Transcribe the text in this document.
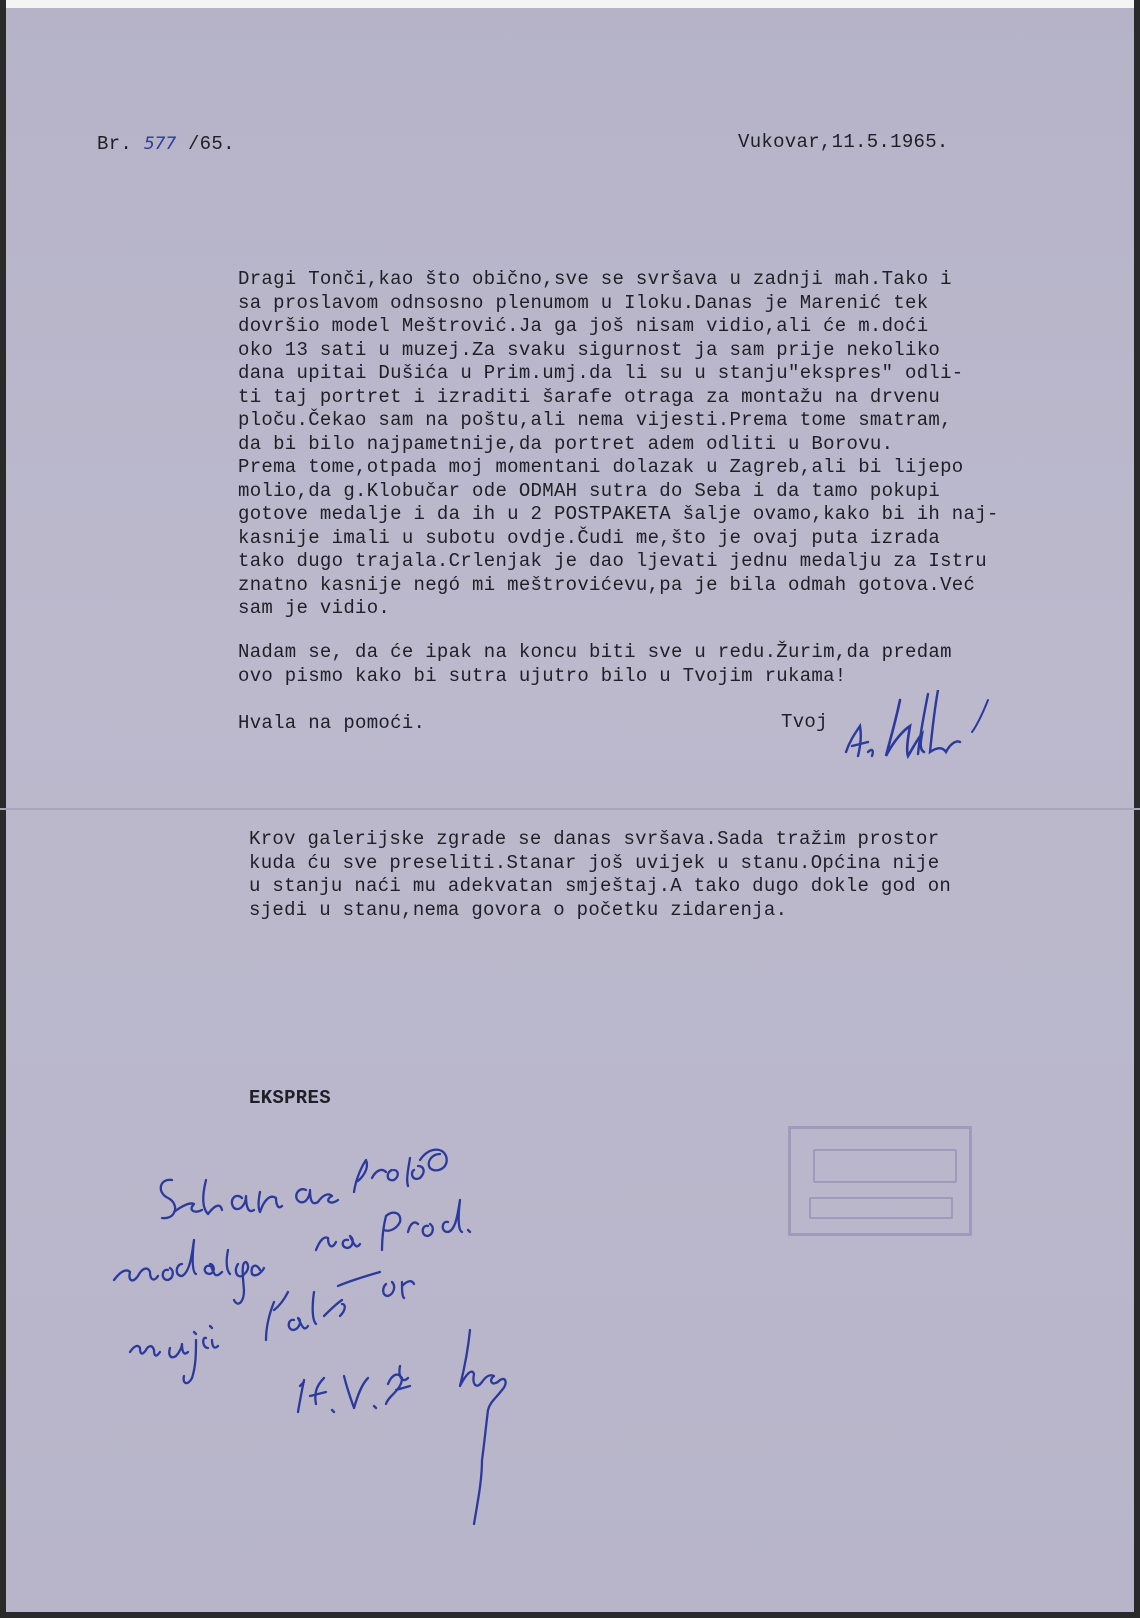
Br. 577 /65.	Vukovar,11.5.1965.
Dragi Tonči,kao što obično,sve se svršava u zadnji mah.Tako i
sa proslavom odnsosno plenumom u Iloku.Danas je Marenić tek
dovršio model Meštrović.Ja ga još nisam vidio,ali će m.doći
oko 13 sati u muzej.Za svaku sigurnost ja sam prije nekoliko
dana upitai Dušića u Prim.umj.da li su u stanju"ekspres" odli-
ti taj portret i izraditi šarafe otraga za montažu na drvenu
ploču.Čekao sam na poštu,ali nema vijesti.Prema tome smatram,
da bi bilo najpametnije,da portret adem odliti u Borovu.
Prema tome,otpada moj momentani dolazak u Zagreb,ali bi lijepo
molio,da g.Klobučar ode ODMAH sutra do Seba i da tamo pokupi
gotove medalje i da ih u 2 POSTPAKETA šalje ovamo,kako bi ih naj-
kasnije imali u subotu ovdje.Čudi me,što je ovaj puta izrada
tako dugo trajala.Crlenjak je dao ljevati jednu medalju za Istru
znatno kasnije negó mi meštrovićevu,pa je bila odmah gotova.Već
sam je vidio.
Nadam se, da će ipak na koncu biti sve u redu.Žurim,da predam
ovo pismo kako bi sutra ujutro bilo u Tvojim rukama!
Hvala na pomoći.	Tvoj
Krov galerijske zgrade se danas svršava.Sada tražim prostor
kuda ću sve preseliti.Stanar još uvijek u stanu.Općina nije
u stanju naći mu adekvatan smještaj.A tako dugo dokle god on
sjedi u stanu,nema govora o početku zidarenja.
EKSPRES
